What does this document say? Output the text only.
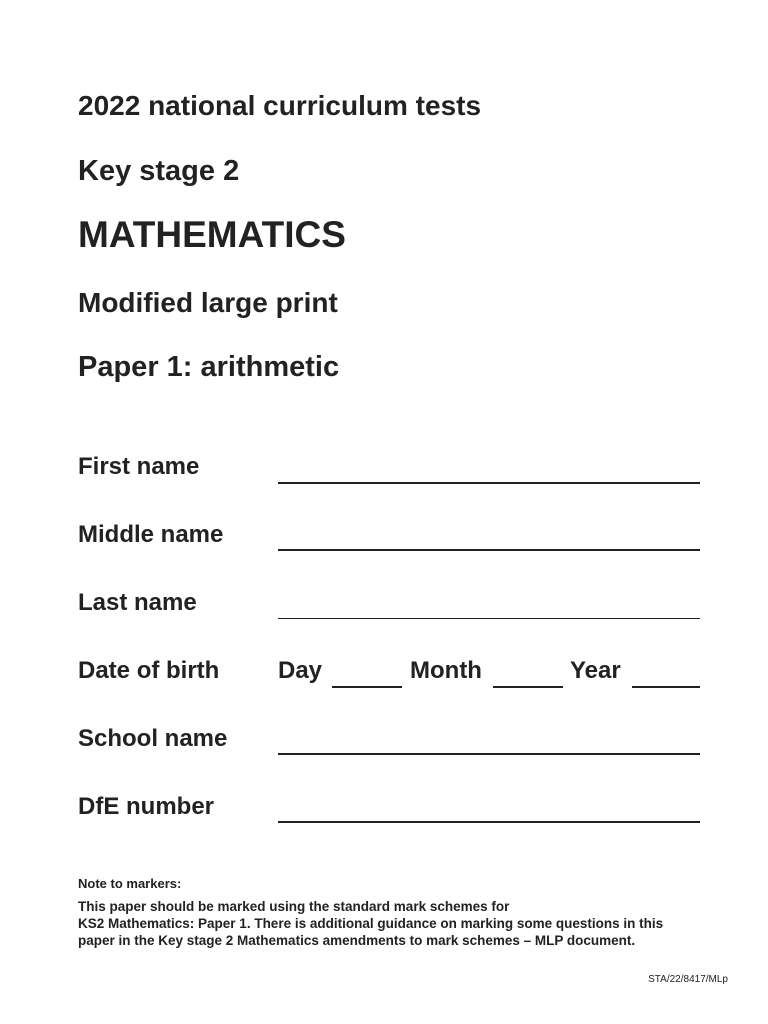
2022 national curriculum tests
Key stage 2
MATHEMATICS
Modified large print
Paper 1: arithmetic
First name
Middle name
Last name
Date of birth Day	Month	Year
School name
DfE number
Note to markers:
This paper should be marked using the standard mark schemes for
KS2 Mathematics: Paper 1. There is additional guidance on marking some questions in this
paper in the Key stage 2 Mathematics amendments to mark schemes – MLP document.
STA/22/8417/MLp
